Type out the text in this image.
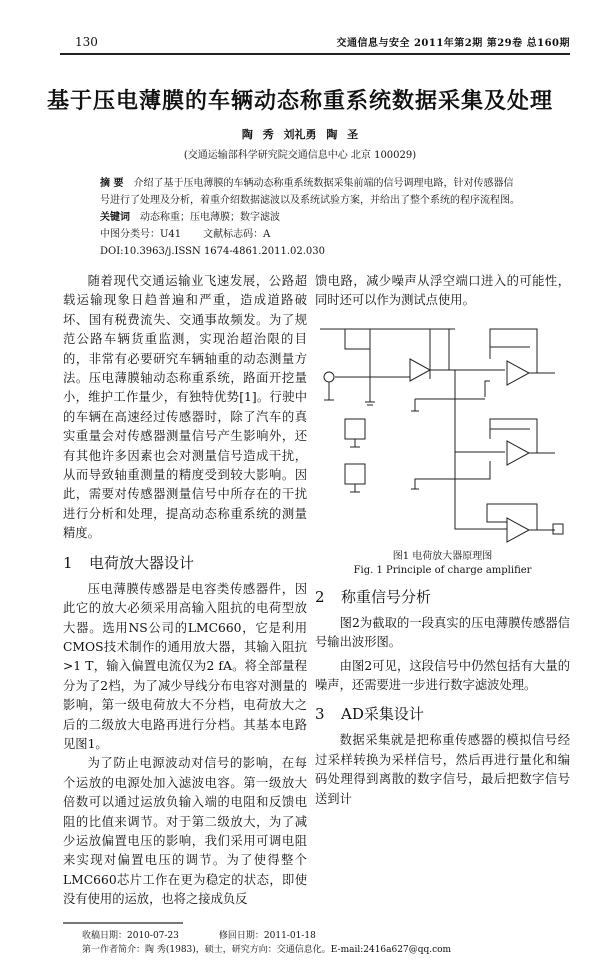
130	交通信息与安全 2011年第2期 第29卷 总160期
基于压电薄膜的车辆动态称重系统数据采集及处理
陶 秀 刘礼勇 陶 圣
(交通运输部科学研究院交通信息中心 北京 100029)
摘 要 介绍了基于压电薄膜的车辆动态称重系统数据采集前端的信号调理电路，针对传感器信号进行了处理及分析，着重介绍数据滤波以及系统试验方案，并给出了整个系统的程序流程图。
关键词 动态称重；压电薄膜；数字滤波
中图分类号：U41 文献标志码：ADOI:10.3963/j.ISSN 1674-4861.2011.02.030

随着现代交通运输业飞速发展，公路超载运输现象日趋普遍和严重，造成道路破坏、国有税费流失、交通事故频发。为了规范公路车辆货重监测，实现治超治限的目的，非常有必要研究车辆轴重的动态测量方法。压电薄膜轴动态称重系统，路面开挖量小，维护工作量少，有独特优势[1]。行驶中的车辆在高速经过传感器时，除了汽车的真实重量会对传感器测量信号产生影响外，还有其他许多因素也会对测量信号造成干扰，从而导致轴重测量的精度受到较大影响。因此，需要对传感器测量信号中所存在的干扰进行分析和处理，提高动态称重系统的测量精度。

1 电荷放大器设计

压电薄膜传感器是电容类传感器件，因此它的放大必须采用高输入阻抗的电荷型放大器。选用NS公司的LMC660，它是利用CMOS技术制作的通用放大器，其输入阻抗>1 T，输入偏置电流仅为2 fA。将全部量程分为了2档，为了减少导线分布电容对测量的影响，第一级电荷放大不分档，电荷放大之后的二级放大电路再进行分档。其基本电路见图1。

为了防止电源波动对信号的影响，在每个运放的电源处加入滤波电容。第一级放大倍数可以通过运放负输入端的电阻和反馈电阻的比值来调节。对于第二级放大，为了减少运放偏置电压的影响，我们采用可调电阻来实现对偏置电压的调节。为了使得整个LMC660芯片工作在更为稳定的状态，即使没有使用的运放，也将之接成负反

馈电路，减少噪声从浮空端口进入的可能性，同时还可以作为测试点使用。

图1 电荷放大器原理图
Fig. 1 Principle of charge amplifier
2 称重信号分析

图2为截取的一段真实的压电薄膜传感器信号输出波形图。

由图2可见，这段信号中仍然包括有大量的噪声，还需要进一步进行数字滤波处理。

3 AD采集设计

数据采集就是把称重传感器的模拟信号经过采样转换为采样信号，然后再进行量化和编码处理得到离散的数字信号，最后把数字信号送到计

收稿日期：2010-07-23	修回日期：2011-01-18
第一作者简介：陶 秀(1983)，硕士，研究方向：交通信息化。E-mail:2416a627@qq.com
